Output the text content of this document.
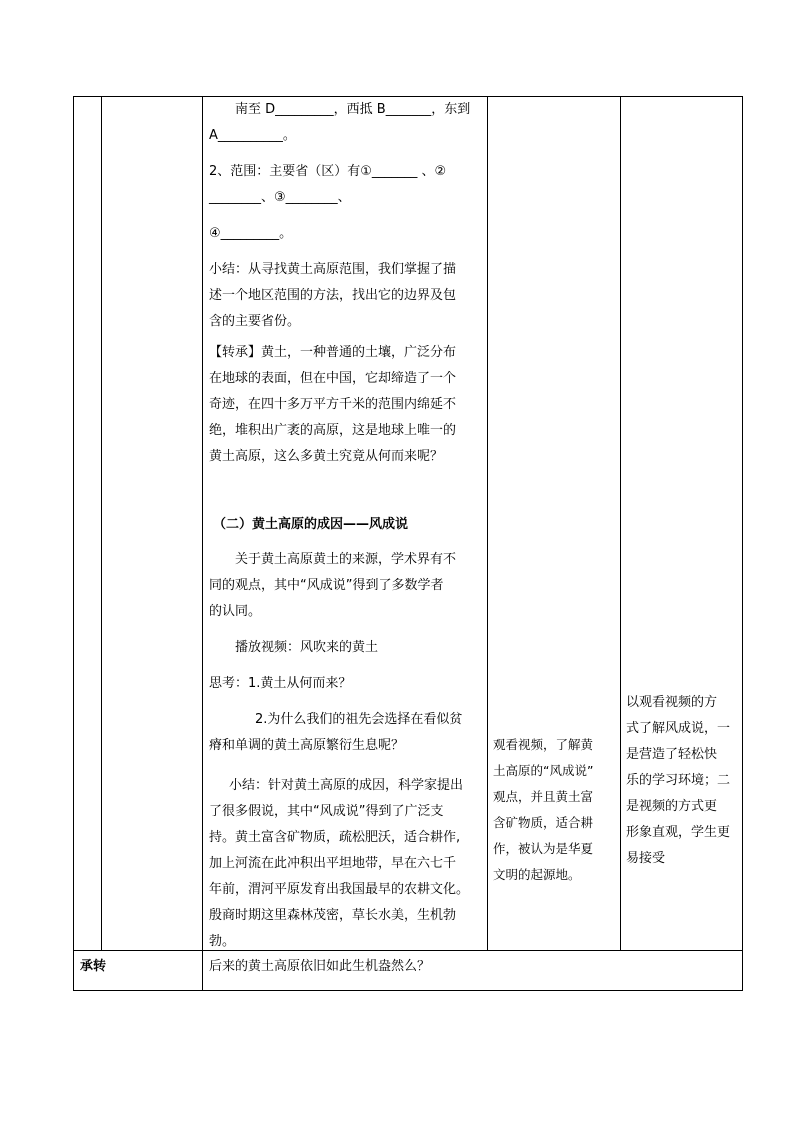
南至 D_________，西抵 B_______，东到

A__________。

2、范围：主要省（区）有①_______ 、②

________、③________、

④_________。

小结：从寻找黄土高原范围，我们掌握了描

述一个地区范围的方法，找出它的边界及包

含的主要省份。

【转承】黄土，一种普通的土壤，广泛分布

在地球的表面，但在中国，它却缔造了一个

奇迹，在四十多万平方千米的范围内绵延不

绝，堆积出广袤的高原，这是地球上唯一的

黄土高原，这么多黄土究竟从何而来呢？

（二）黄土高原的成因——风成说

关于黄土高原黄土的来源，学术界有不

同的观点，其中“风成说”得到了多数学者

的认同。

播放视频：风吹来的黄土

思考：1.黄土从何而来？

2.为什么我们的祖先会选择在看似贫

瘠和单调的黄土高原繁衍生息呢？

小结：针对黄土高原的成因，科学家提出

了很多假说，其中“风成说”得到了广泛支

持。黄土富含矿物质，疏松肥沃，适合耕作,

加上河流在此冲积出平坦地带，早在六七千

年前，渭河平原发育出我国最早的农耕文化。

殷商时期这里森林茂密，草长水美，生机勃

勃。

观看视频，了解黄

土高原的“风成说”

观点，并且黄土富

含矿物质，适合耕

作，被认为是华夏

文明的起源地。

以观看视频的方

式了解风成说，一

是营造了轻松快

乐的学习环境；二

是视频的方式更

形象直观，学生更

易接受

承转	后来的黄土高原依旧如此生机盎然么？
